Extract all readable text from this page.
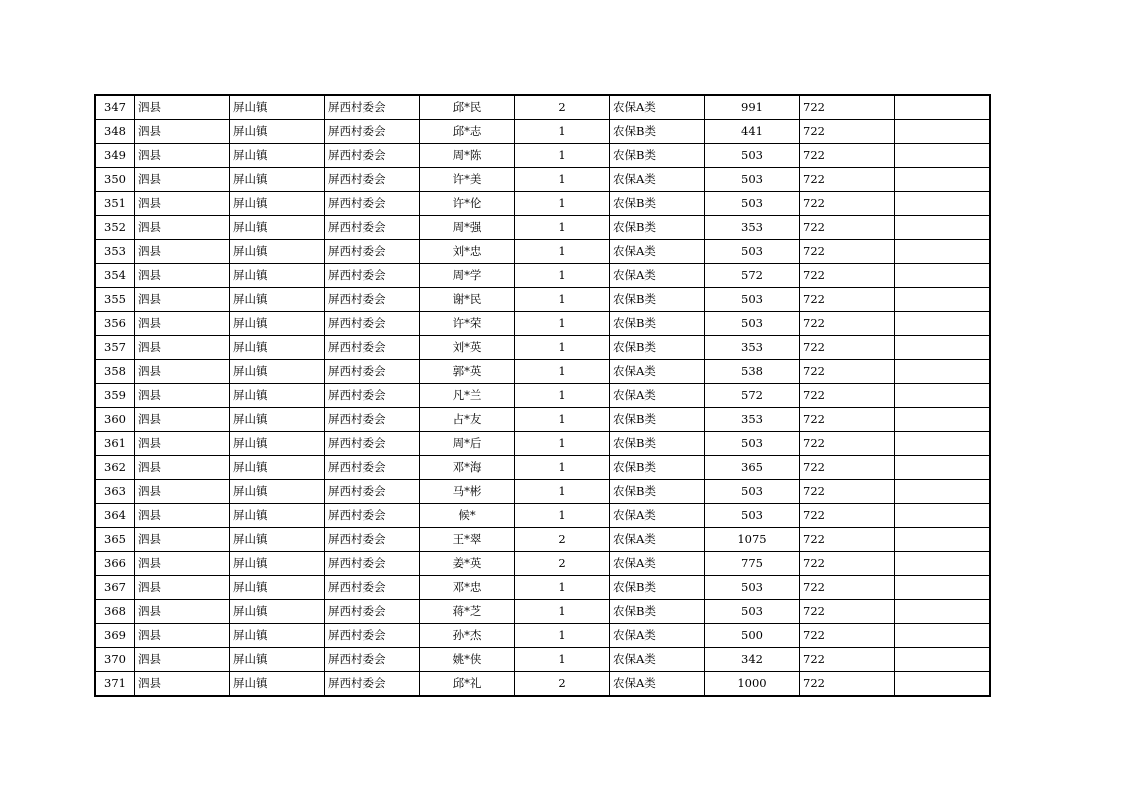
347	泗县	屏山镇	屏西村委会	邱*民	2	农保A类	991	722	
348	泗县	屏山镇	屏西村委会	邱*志	1	农保B类	441	722	
349	泗县	屏山镇	屏西村委会	周*陈	1	农保B类	503	722	
350	泗县	屏山镇	屏西村委会	许*美	1	农保A类	503	722	
351	泗县	屏山镇	屏西村委会	许*伦	1	农保B类	503	722	
352	泗县	屏山镇	屏西村委会	周*强	1	农保B类	353	722	
353	泗县	屏山镇	屏西村委会	刘*忠	1	农保A类	503	722	
354	泗县	屏山镇	屏西村委会	周*学	1	农保A类	572	722	
355	泗县	屏山镇	屏西村委会	谢*民	1	农保B类	503	722	
356	泗县	屏山镇	屏西村委会	许*荣	1	农保B类	503	722	
357	泗县	屏山镇	屏西村委会	刘*英	1	农保B类	353	722	
358	泗县	屏山镇	屏西村委会	郭*英	1	农保A类	538	722	
359	泗县	屏山镇	屏西村委会	凡*兰	1	农保A类	572	722	
360	泗县	屏山镇	屏西村委会	占*友	1	农保B类	353	722	
361	泗县	屏山镇	屏西村委会	周*后	1	农保B类	503	722	
362	泗县	屏山镇	屏西村委会	邓*海	1	农保B类	365	722	
363	泗县	屏山镇	屏西村委会	马*彬	1	农保B类	503	722	
364	泗县	屏山镇	屏西村委会	候*	1	农保A类	503	722	
365	泗县	屏山镇	屏西村委会	王*翠	2	农保A类	1075	722	
366	泗县	屏山镇	屏西村委会	姜*英	2	农保A类	775	722	
367	泗县	屏山镇	屏西村委会	邓*忠	1	农保B类	503	722	
368	泗县	屏山镇	屏西村委会	蒋*芝	1	农保B类	503	722	
369	泗县	屏山镇	屏西村委会	孙*杰	1	农保A类	500	722	
370	泗县	屏山镇	屏西村委会	姚*侠	1	农保A类	342	722	
371	泗县	屏山镇	屏西村委会	邱*礼	2	农保A类	1000	722	
